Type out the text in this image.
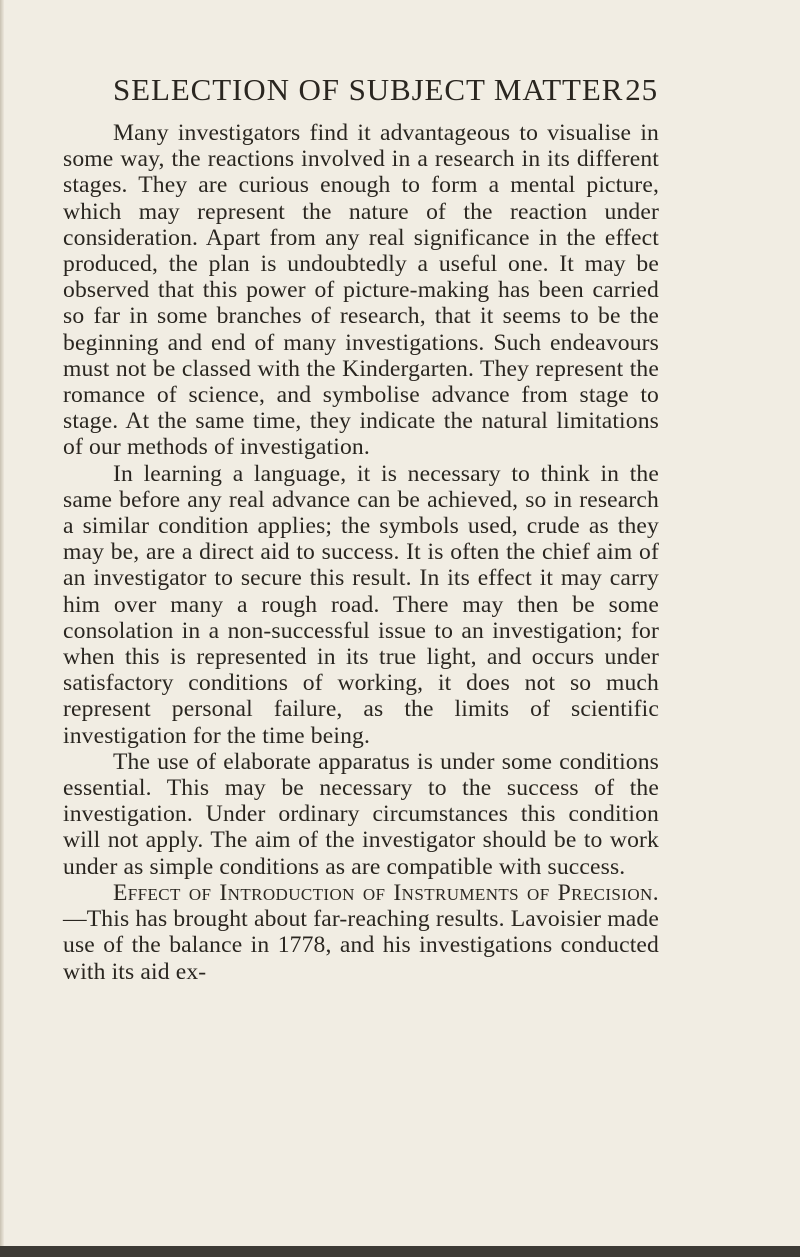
SELECTION OF SUBJECT MATTER 25

Many investigators find it advantageous to visualise in some way, the reactions involved in a research in its different stages. They are curious enough to form a mental picture, which may represent the nature of the reaction under consideration. Apart from any real significance in the effect produced, the plan is undoubtedly a useful one. It may be observed that this power of picture-making has been carried so far in some branches of research, that it seems to be the beginning and end of many investigations. Such endeavours must not be classed with the Kindergarten. They represent the romance of science, and symbolise advance from stage to stage. At the same time, they indicate the natural limitations of our methods of investigation.

In learning a language, it is necessary to think in the same before any real advance can be achieved, so in research a similar condition applies; the symbols used, crude as they may be, are a direct aid to success. It is often the chief aim of an investigator to secure this result. In its effect it may carry him over many a rough road. There may then be some consolation in a non-successful issue to an investigation; for when this is represented in its true light, and occurs under satisfactory conditions of working, it does not so much represent personal failure, as the limits of scientific investigation for the time being.

The use of elaborate apparatus is under some conditions essential. This may be necessary to the success of the investigation. Under ordinary circumstances this condition will not apply. The aim of the investigator should be to work under as simple conditions as are compatible with success.

Effect of Introduction of Instruments of Precision.—This has brought about far-reaching results. Lavoisier made use of the balance in 1778, and his investigations conducted with its aid ex-
